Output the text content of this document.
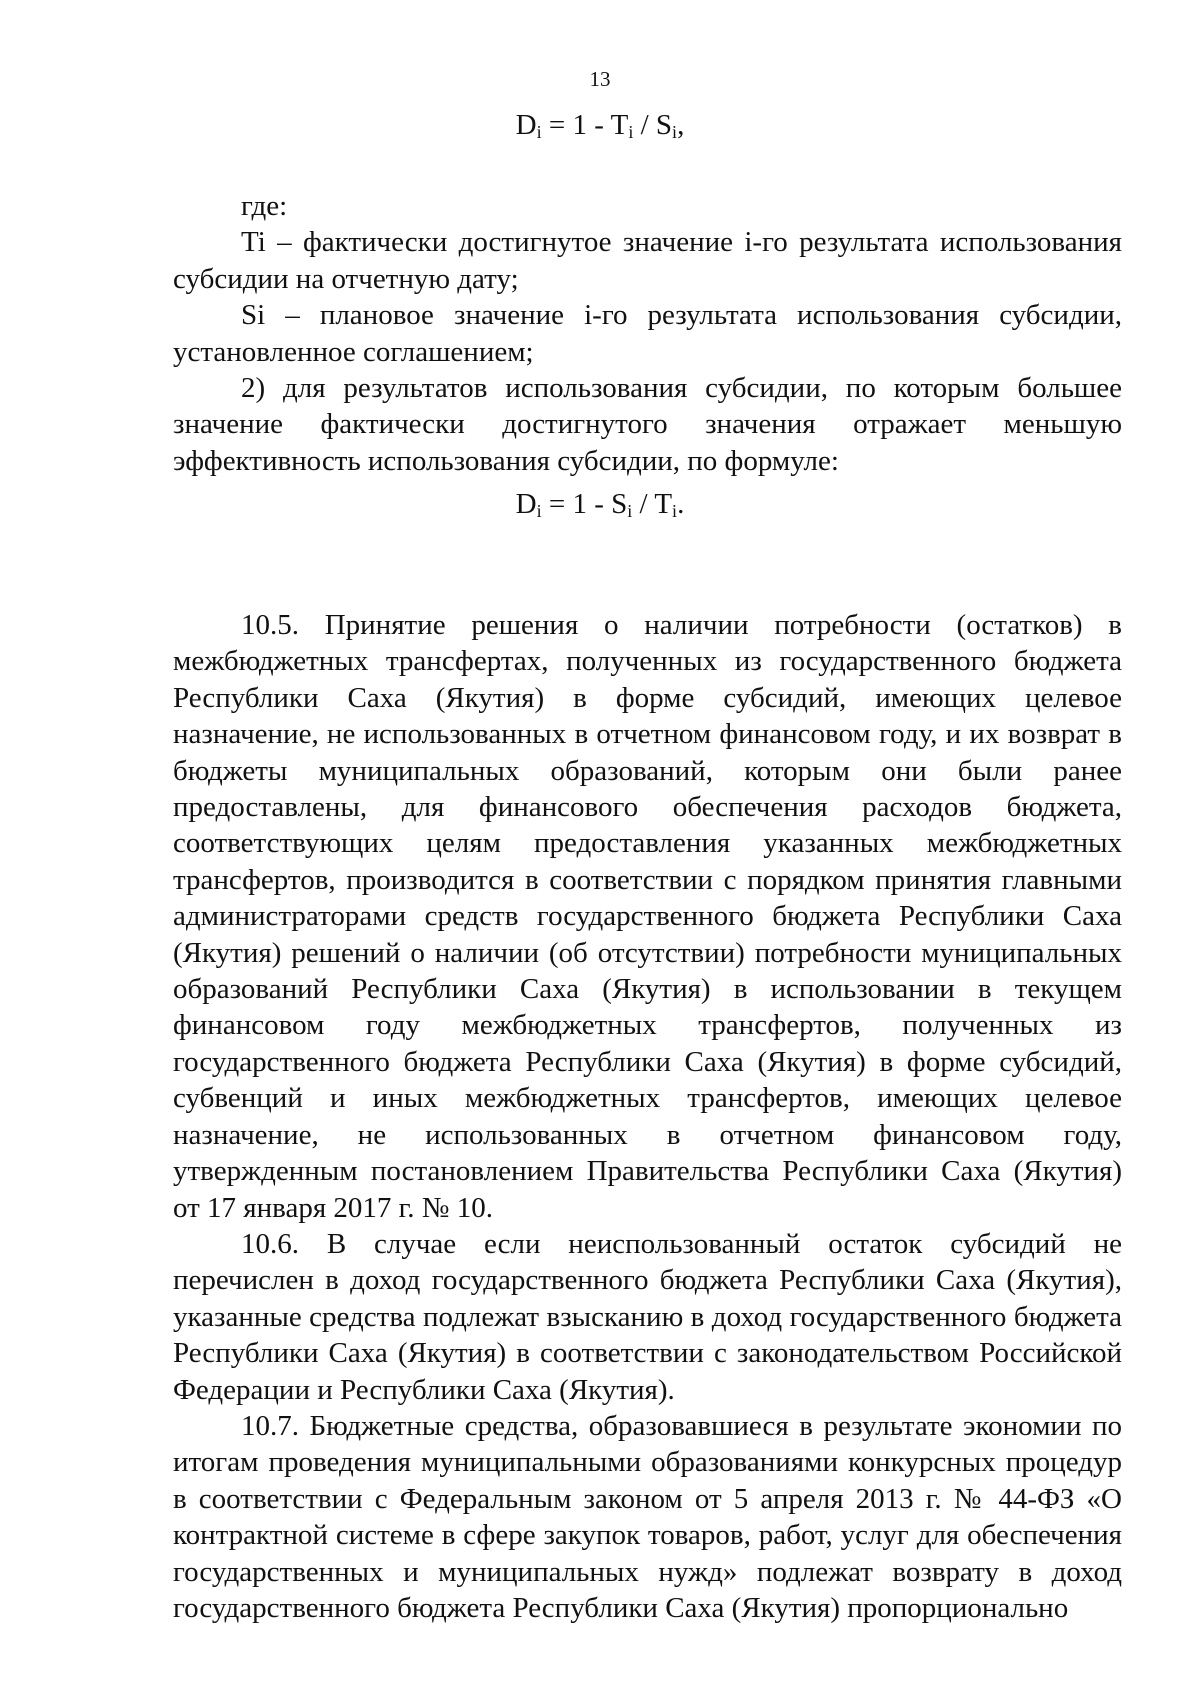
13
$D_i = 1 - T_i / S_i$,

где:

Ti – фактически достигнутое значение i-го результата использования субсидии на отчетную дату;

Si – плановое значение i-го результата использования субсидии, установленное соглашением;

2) для результатов использования субсидии, по которым большее значение фактически достигнутого значения отражает меньшую эффективность использования субсидии, по формуле:

$D_i = 1 - S_i / T_i$.

10.5. Принятие решения о наличии потребности (остатков) в межбюджетных трансфертах, полученных из государственного бюджета Республики Саха (Якутия) в форме субсидий, имеющих целевое назначение, не использованных в отчетном финансовом году, и их возврат в бюджеты муниципальных образований, которым они были ранее предоставлены, для финансового обеспечения расходов бюджета, соответствующих целям предоставления указанных межбюджетных трансфертов, производится в соответствии с порядком принятия главными администраторами средств государственного бюджета Республики Саха (Якутия) решений о наличии (об отсутствии) потребности муниципальных образований Республики Саха (Якутия) в использовании в текущем финансовом году межбюджетных трансфертов, полученных из государственного бюджета Республики Саха (Якутия) в форме субсидий, субвенций и иных межбюджетных трансфертов, имеющих целевое назначение, не использованных в отчетном финансовом году, утвержденным постановлением Правительства Республики Саха (Якутия) от 17 января 2017 г. № 10.

10.6. В случае если неиспользованный остаток субсидий не перечислен в доход государственного бюджета Республики Саха (Якутия), указанные средства подлежат взысканию в доход государственного бюджета Республики Саха (Якутия) в соответствии с законодательством Российской Федерации и Республики Саха (Якутия).

10.7. Бюджетные средства, образовавшиеся в результате экономии по итогам проведения муниципальными образованиями конкурсных процедур в соответствии с Федеральным законом от 5 апреля 2013 г. № 44-ФЗ «О контрактной системе в сфере закупок товаров, работ, услуг для обеспечения государственных и муниципальных нужд» подлежат возврату в доход государственного бюджета Республики Саха (Якутия) пропорционально
